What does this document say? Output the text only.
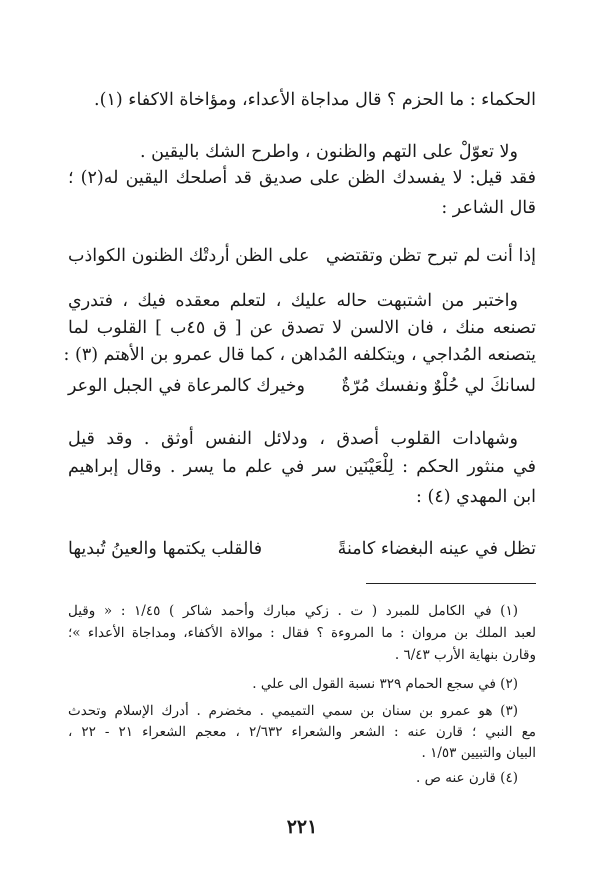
الحكماء : ما الحزم ؟ قال مداجاة الأعداء، ومؤاخاة الاكفاء (١).
ولا تعوّلْ على التهم والظنون ، واطرح الشك باليقين .
فقد قيل: لا يفسدك الظن على صديق قد أصلحك اليقين له(٢) ؛
قال الشاعر :
إذا أنت لم تبرح تظن وتقتضي
على الظن أردتْك الظنون الكواذب
واختبر من اشتبهت حاله عليك ، لتعلم معقده فيك ، فتدري
تصنعه منك ، فان الالسن لا تصدق عن [ ق ٤٥ب ] القلوب لما
يتصنعه المُداجي ، ويتكلفه المُداهن ، كما قال عمرو بن الأهتم (٣) :
لسانكَ لي حُلْوٌ ونفسك مُرّةٌ
وخيرك كالمرعاة في الجبل الوعر
وشهادات القلوب أصدق ، ودلائل النفس أوثق . وقد قيل
في منثور الحكم : لِلْعَيْنَين سر في علم ما يسر . وقال إبراهيم
ابن المهدي (٤) :
تظل في عينه البغضاء كامنةً
فالقلب يكتمها والعينُ تُبديها
(١) في الكامل للمبرد ( ت . زكي مبارك وأحمد شاكر ) ١/٤٥ : « وقيل
لعبد الملك بن مروان : ما المروءة ؟ فقال : موالاة الأكفاء، ومداجاة الأعداء »؛
وقارن بنهاية الأرب ٦/٤٣ .
(٢) في سجع الحمام ٣٢٩ نسبة القول الى علي .
(٣) هو عمرو بن سنان بن سمي التميمي . مخضرم . أدرك الإسلام وتحدث
مع النبي ؛ قارن عنه : الشعر والشعراء ٢/٦٣٢ ، معجم الشعراء ٢١ - ٢٢ ،
البيان والتبيين ١/٥٣ .
(٤) قارن عنه ص .
٢٢١
